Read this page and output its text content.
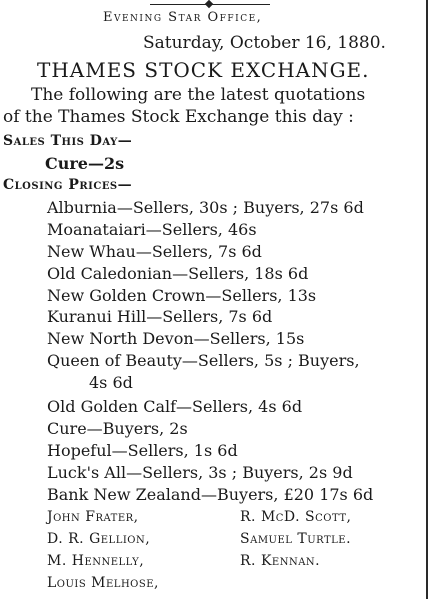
Evening Star Office,
Saturday, October 16, 1880.
THAMES STOCK EXCHANGE.
The following are the latest quotations
of the Thames Stock Exchange this day :
Sales This Day—
Cure—2s
Closing Prices—
Alburnia—Sellers, 30s ; Buyers, 27s 6d
Moanataiari—Sellers, 46s
New Whau—Sellers, 7s 6d
Old Caledonian—Sellers, 18s 6d
New Golden Crown—Sellers, 13s
Kuranui Hill—Sellers, 7s 6d
New North Devon—Sellers, 15s
Queen of Beauty—Sellers, 5s ; Buyers,
4s 6d
Old Golden Calf—Sellers, 4s 6d
Cure—Buyers, 2s
Hopeful—Sellers, 1s 6d
Luck's All—Sellers, 3s ; Buyers, 2s 9d
Bank New Zealand—Buyers, £20 17s 6d
John Frater,	R. McD. Scott,
D. R. Gellion,	Samuel Turtle.
M. Hennelly,	R. Kennan.
Louis Melhose,
